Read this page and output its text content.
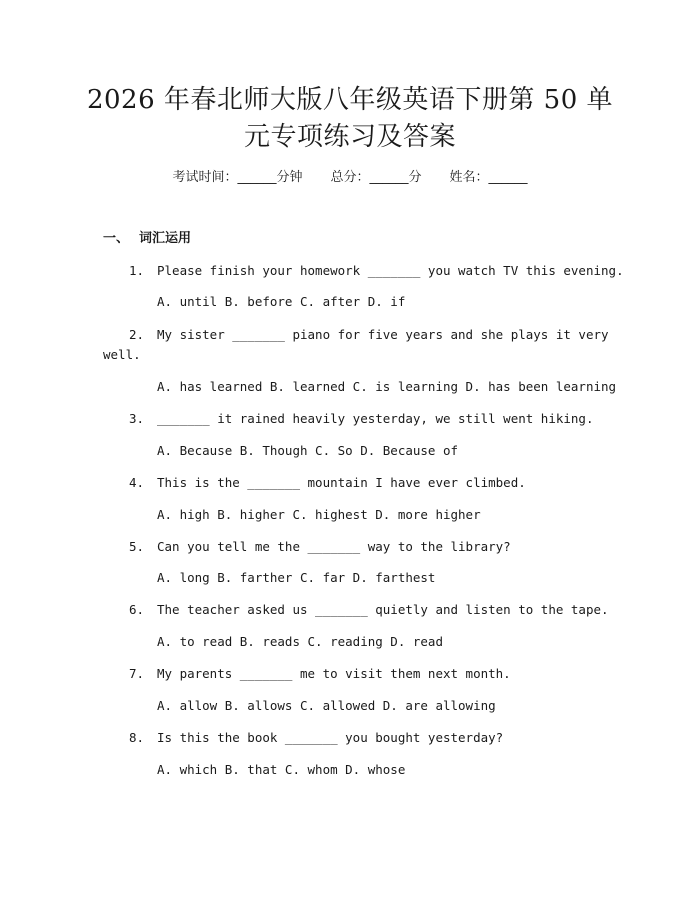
2026 年春北师大版八年级英语下册第 50 单
元专项练习及答案
考试时间：______分钟 总分：______分 姓名：______
一、 词汇运用
1. Please finish your homework _______ you watch TV this evening.
A. until B. before C. after D. if
2. My sister _______ piano for five years and she plays it very
well.
A. has learned B. learned C. is learning D. has been learning
3. _______ it rained heavily yesterday, we still went hiking.
A. Because B. Though C. So D. Because of
4. This is the _______ mountain I have ever climbed.
A. high B. higher C. highest D. more higher
5. Can you tell me the _______ way to the library?
A. long B. farther C. far D. farthest
6. The teacher asked us _______ quietly and listen to the tape.
A. to read B. reads C. reading D. read
7. My parents _______ me to visit them next month.
A. allow B. allows C. allowed D. are allowing
8. Is this the book _______ you bought yesterday?
A. which B. that C. whom D. whose
